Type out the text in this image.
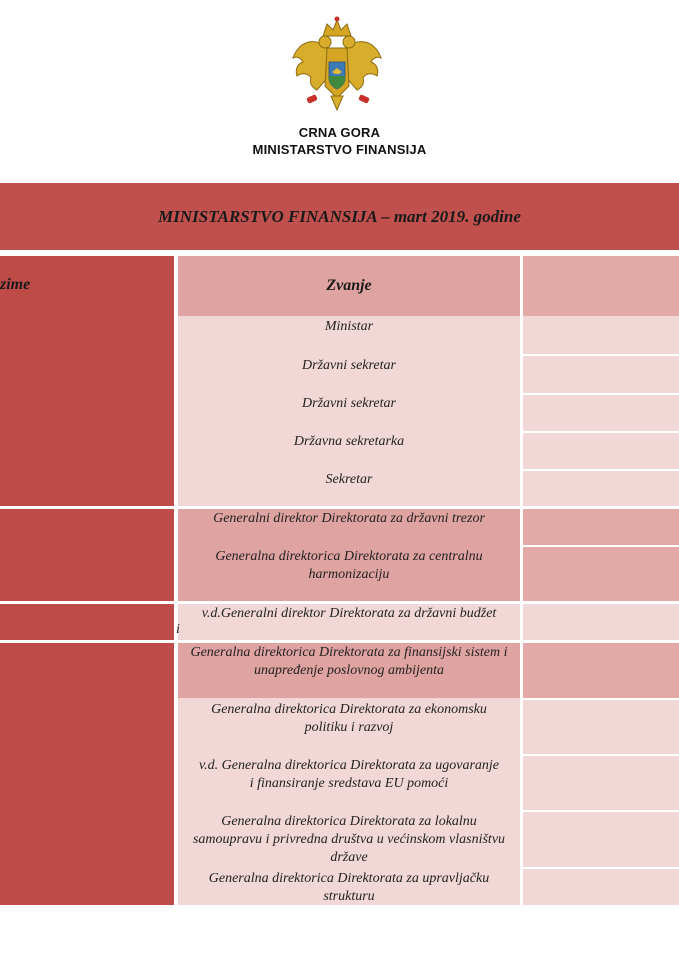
CRNA GORA
MINISTARSTVO FINANSIJA
MINISTARSTVO FINANSIJA – mart 2019. godine
zime	Zvanje
Ministar
Državni sekretar
Državni sekretar
Državna sekretarka
Sekretar
Generalni direktor Direktorata za državni trezor
Generalna direktorica Direktorata za centralnu harmonizaciju
v.d.Generalni direktor Direktorata za državni budžet
i
Generalna direktorica Direktorata za finansijski sistem i unapređenje poslovnog ambijenta
Generalna direktorica Direktorata za ekonomsku politiku i razvoj
v.d. Generalna direktorica Direktorata za ugovaranje i finansiranje sredstava EU pomoći
Generalna direktorica Direktorata za lokalnu samoupravu i privredna društva u većinskom vlasništvu države
Generalna direktorica Direktorata za upravljačku strukturu
